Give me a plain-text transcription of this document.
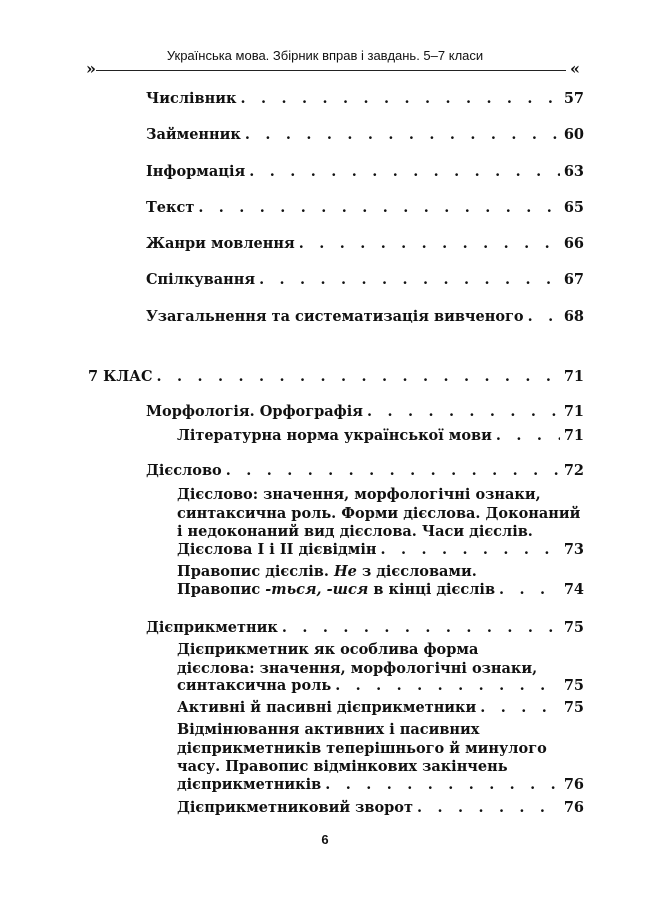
Українська мова. Збірник вправ і завдань. 5–7 класи
»	«
Числівник . . .	57
Займенник . . .	60
Інформація . . .	63
Текст . . .	65
Жанри мовлення . . .	66
Спілкування . . .	67
Узагальнення та систематизація вивченого . . .	68
7 КЛАС . . .	71
Морфологія. Орфографія . . .	71
Літературна норма української мови . . .	71
Дієслово . . .	72
Дієслово: значення, морфологічні ознаки,
синтаксична роль. Форми дієслова. Доконаний
і недоконаний вид дієслова. Часи дієслів.
Дієслова I і II дієвідмін . . .	73
Правопис дієслів. Не з дієсловами.
Правопис -ться, -шся в кінці дієслів . . .	74
Дієприкметник . . .	75
Дієприкметник як особлива форма
дієслова: значення, морфологічні ознаки,
синтаксична роль . . .	75
Активні й пасивні дієприкметники . . .	75
Відмінювання активних і пасивних
дієприкметників теперішнього й минулого
часу. Правопис відмінкових закінчень
дієприкметників . . .	76
Дієприкметниковий зворот . . .	76
6
